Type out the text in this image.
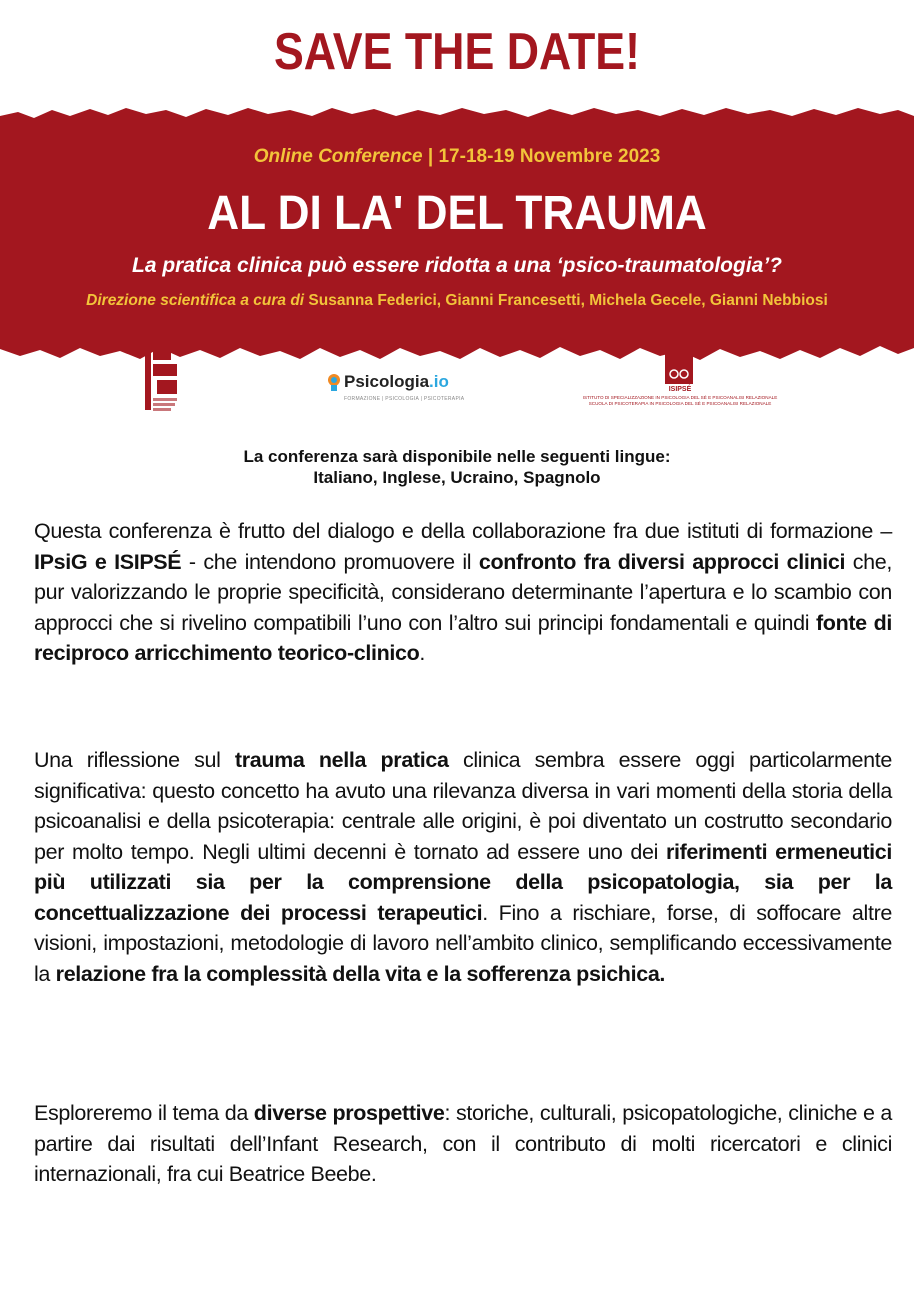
SAVE THE DATE!
Online Conference | 17-18-19 Novembre 2023
AL DI LA' DEL TRAUMA
La pratica clinica può essere ridotta a una ‘psico-traumatologia’?
Direzione scientifica a cura di Susanna Federici, Gianni Francesetti, Michela Gecele, Gianni Nebbiosi
Psicologia.io
FORMAZIONE | PSICOLOGIA | PSICOTERAPIA
ISIPSÉ
ISTITUTO DI SPECIALIZZAZIONE IN PSICOLOGIA DEL SÉ E PSICOANALISI RELAZIONALE
SCUOLA DI PSICOTERAPIA IN PSICOLOGIA DEL SÉ E PSICOANALISI RELAZIONALE
La conferenza sarà disponibile nelle seguenti lingue:
Italiano, Inglese, Ucraino, Spagnolo
Questa conferenza è frutto del dialogo e della collaborazione fra due istituti di formazione – IPsiG e ISIPSÉ - che intendono promuovere il confronto fra diversi approcci clinici che, pur valorizzando le proprie specificità, considerano determinante l’apertura e lo scambio con approcci che si rivelino compatibili l’uno con l’altro sui principi fondamentali e quindi fonte di reciproco arricchimento teorico-clinico.
Una riflessione sul trauma nella pratica clinica sembra essere oggi particolarmente significativa: questo concetto ha avuto una rilevanza diversa in vari momenti della storia della psicoanalisi e della psicoterapia: centrale alle origini, è poi diventato un costrutto secondario per molto tempo. Negli ultimi decenni è tornato ad essere uno dei riferimenti ermeneutici più utilizzati sia per la comprensione della psicopatologia, sia per la concettualizzazione dei processi terapeutici. Fino a rischiare, forse, di soffocare altre visioni, impostazioni, metodologie di lavoro nell’ambito clinico, semplificando eccessivamente la relazione fra la complessità della vita e la sofferenza psichica.
Esploreremo il tema da diverse prospettive: storiche, culturali, psicopatologiche, cliniche e a partire dai risultati dell’Infant Research, con il contributo di molti ricercatori e clinici internazionali, fra cui Beatrice Beebe.
